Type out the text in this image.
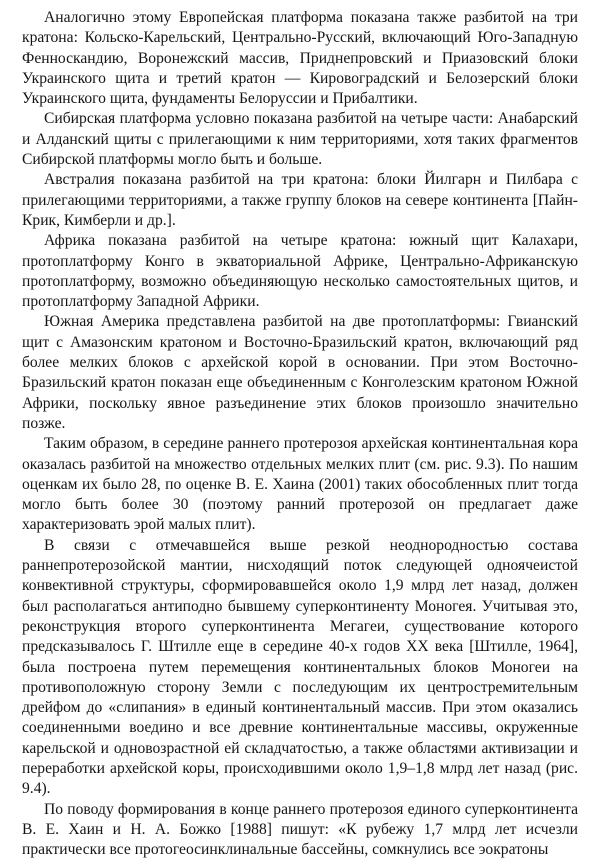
Аналогично этому Европейская платформа показана также разбитой на три кратона: Кольско-Карельский, Центрально-Русский, включающий Юго-Западную Фенноскандию, Воронежский массив, Приднепровский и Приазовский блоки Украинского щита и третий кратон — Кировоградский и Белозерский блоки Украинского щита, фундаменты Белоруссии и Прибалтики.

Сибирская платформа условно показана разбитой на четыре части: Анабарский и Алданский щиты с прилегающими к ним территориями, хотя таких фрагментов Сибирской платформы могло быть и больше.

Австралия показана разбитой на три кратона: блоки Йилгарн и Пилбара с прилегающими территориями, а также группу блоков на севере континента [Пайн-Крик, Кимберли и др.].

Африка показана разбитой на четыре кратона: южный щит Калахари, протоплатформу Конго в экваториальной Африке, Центрально-Африканскую протоплатформу, возможно объединяющую несколько самостоятельных щитов, и протоплатформу Западной Африки.

Южная Америка представлена разбитой на две протоплатформы: Гвианский щит с Амазонским кратоном и Восточно-Бразильский кратон, включающий ряд более мелких блоков с архейской корой в основании. При этом Восточно-Бразильский кратон показан еще объединенным с Конголезским кратоном Южной Африки, поскольку явное разъединение этих блоков произошло значительно позже.

Таким образом, в середине раннего протерозоя архейская континентальная кора оказалась разбитой на множество отдельных мелких плит (см. рис. 9.3). По нашим оценкам их было 28, по оценке В. Е. Хаина (2001) таких обособленных плит тогда могло быть более 30 (поэтому ранний протерозой он предлагает даже характеризовать эрой малых плит).

В связи с отмечавшейся выше резкой неоднородностью состава раннепротерозойской мантии, нисходящий поток следующей одноячеистой конвективной структуры, сформировавшейся около 1,9 млрд лет назад, должен был располагаться антиподно бывшему суперконтиненту Моногея. Учитывая это, реконструкция второго суперконтинента Мегагеи, существование которого предсказывалось Г. Штилле еще в середине 40-х годов XX века [Штилле, 1964], была построена путем перемещения континентальных блоков Моногеи на противоположную сторону Земли с последующим их центростремительным дрейфом до «слипания» в единый континентальный массив. При этом оказались соединенными воедино и все древние континентальные массивы, окруженные карельской и одновозрастной ей складчатостью, а также областями активизации и переработки архейской коры, происходившими около 1,9–1,8 млрд лет назад (рис. 9.4).

По поводу формирования в конце раннего протерозоя единого суперконтинента В. Е. Хаин и Н. А. Божко [1988] пишут: «К рубежу 1,7 млрд лет исчезли практически все протогеосинклинальные бассейны, сомкнулись все эократоны
